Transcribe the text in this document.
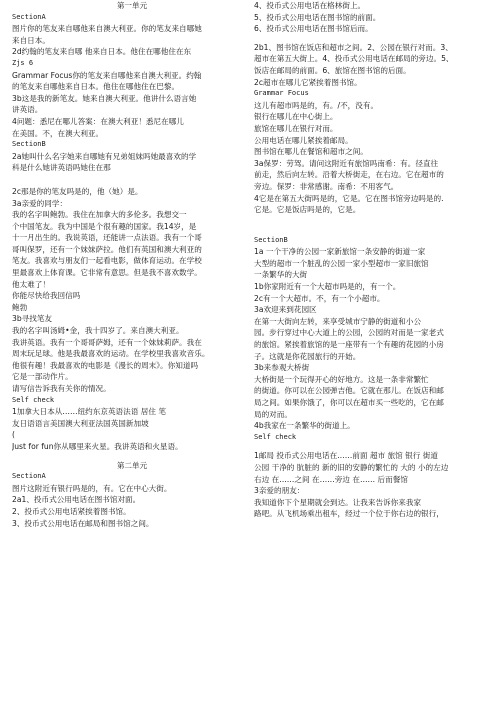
第一单元
SectionA
图片你的笔友来自哪他来自澳大利亚。你的笔友来自哪她
来自日本。
2d约翰的笔友来自哪 他来自日本。他住在哪他住在东
Zjs 6
Grammar Focus你的笔友来自哪他来自澳大利亚。约翰
的笔友来自哪他来自日本。他住在哪他住在巴黎。
3b这是我的新笔友。她来自澳大利亚。他讲什么语言她
讲英语。
4问题：悉尼在哪儿答案：在澳大利亚！悉尼在哪儿
在美国。不，在澳大利亚。
SectionB
2a她叫什么名字她来自哪她有兄弟姐妹吗她最喜欢的学
科是什么她讲英语吗她住在那
2c那是你的笔友吗是的，他（她）是。
3a亲爱的同学：
我的名字叫鲍勃。我住在加拿大的多伦多。我想交一
个中国笔友。我为中国是个很有趣的国家。我14岁，是
十一月出生的。我说英语，还能讲一点法语。我有一个哥
哥叫保罗，还有一个妹妹萨拉。他们有英国和澳大利亚的
笔友。我喜欢与朋友们一起看电影，做体育运动。在学校
里最喜欢上体育课。它非常有意思。但是我不喜欢数学。
他太难了！
你能尽快给我回信吗
鲍勃
3b寻找笔友
我的名字叫汤姆•金，我十四岁了。来自澳大利亚。
我讲英语。我有一个哥哥萨姆，还有一个妹妹莉萨。我在
周末玩足球。他是我最喜欢的运动。在学校里我喜欢音乐。
他很有趣！我最喜欢的电影是《漫长的周末》。你知道吗
它是一部动作片。
请写信告诉我有关你的情况。
Self check
1加拿大日本从……纽约东京英语法语 居住 笔
友日语语言美国澳大利亚法国英国新加坡
(
Just for fun你从哪里来火星。我讲英语和火星语。
第二单元
SectionA
图片这附近有银行吗是的，有。它在中心大街。
2a1、投币式公用电话在图书馆对面。
2、投币式公用电话紧挨着图书馆。
3、投币式公用电话在邮局和图书馆之间。
4、投币式公用电话在格林街上。
5、投币式公用电话在图书馆的前面。
6、投币式公用电话在图书馆后而。
2b1、图书馆在饭店和超市之间。2、公园在银行对而。3、
超市在第五大街上。4、投币式公用电话在邮局的旁边。5、
饭店在邮局的前面。6、旅馆在图书馆的后面。
2c超市在哪儿它紧挨着图书馆。
Grammar Focus
这儿有超市吗是的，有。/不，没有。
银行在哪儿在中心街上。
旅馆在哪儿在银行对而。
公用电话在哪儿紧挨着邮局。
图书馆在哪儿在餐馆和超市之间。
3a保罗：劳驾。请问这附近有旅馆吗南希：有。径直往
前走，然后向左转。沿着大桥街走，在右边。它在超市的
旁边。保罗：非常感谢。南希：不用客气。
4它是在第五大街吗是的，它是。它在图书馆旁边吗是的.
它是。它是饭店吗是的，它是。
SectionB
1a 一个干净的公园一家新旅馆一条安静的街道一家
大型的超市一个脏乱的公园一家小型超市一家旧旅馆
一条繁华的大街
1b你家附近有一个大超市吗是的，有一个。
2c有一个大超市。不，有一个小超市。
3a欢迎来到花园区
在第一大街向左转，来享受城市宁静的街道和小公
园。步行穿过中心大道上的公园，公园的对而是一家老式
的旅馆。紧挨着旅馆的是一座带有一个有趣的花园的小房
子。这就是你花园旅行的开始。
3b来参观大桥街
大桥街是一个玩得开心的好地方。这是一条非常繁忙
的街道。你可以在公园弹吉他。它就在那儿。在饭店和邮
局之间。如果你饿了，你可以在超市买一些吃的，它在邮
局的对而。
4b我家在一条繁华的街道上。
Self check
1邮局 投币式公用电话在……前面 超市 旅馆 银行 街道
公园 干净的 肮脏的 新的旧的安静的繁忙的 大的 小的左边
右边 在……之间 在……旁边 在…… 后而餐馆
3亲爱的朋友：
我知道你下个星期就会到达。让我来告诉你来我家
路吧。从飞机场乘出租车，经过一个位于你右边的银行，
